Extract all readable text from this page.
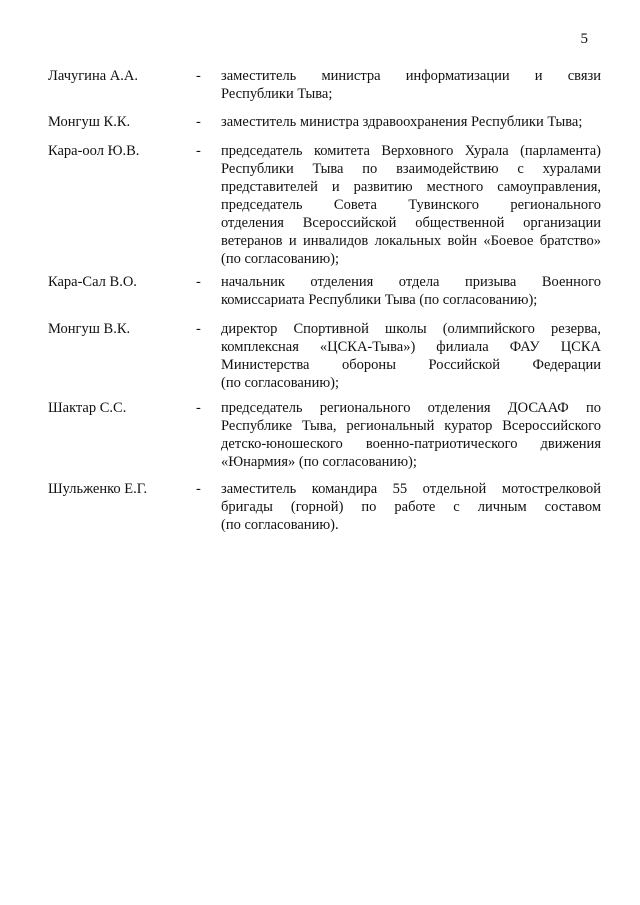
5
Лачугина А.А.	- заместитель министра информатизации и связи
Республики Тыва;
Монгуш К.К.	- заместитель министра здравоохранения Республики Тыва;
Кара-оол Ю.В.	- председатель комитета Верховного Хурала (парламента)
Республики Тыва по взаимодействию с хуралами
представителей и развитию местного самоуправления,
председатель Совета Тувинского регионального
отделения Всероссийской общественной организации
ветеранов и инвалидов локальных войн «Боевое братство»
(по согласованию);
Кара-Сал В.О.	- начальник отделения отдела призыва Военного
комиссариата Республики Тыва (по согласованию);
Монгуш В.К.	- директор Спортивной школы (олимпийского резерва,
комплексная «ЦСКА-Тыва») филиала ФАУ ЦСКА
Министерства обороны Российской Федерации
(по согласованию);
Шактар С.С.	- председатель регионального отделения ДОСААФ по
Республике Тыва, региональный куратор Всероссийского
детско-юношеского военно-патриотического движения
«Юнармия» (по согласованию);
Шульженко Е.Г.	- заместитель командира 55 отдельной мотострелковой
бригады (горной) по работе с личным составом
(по согласованию).
